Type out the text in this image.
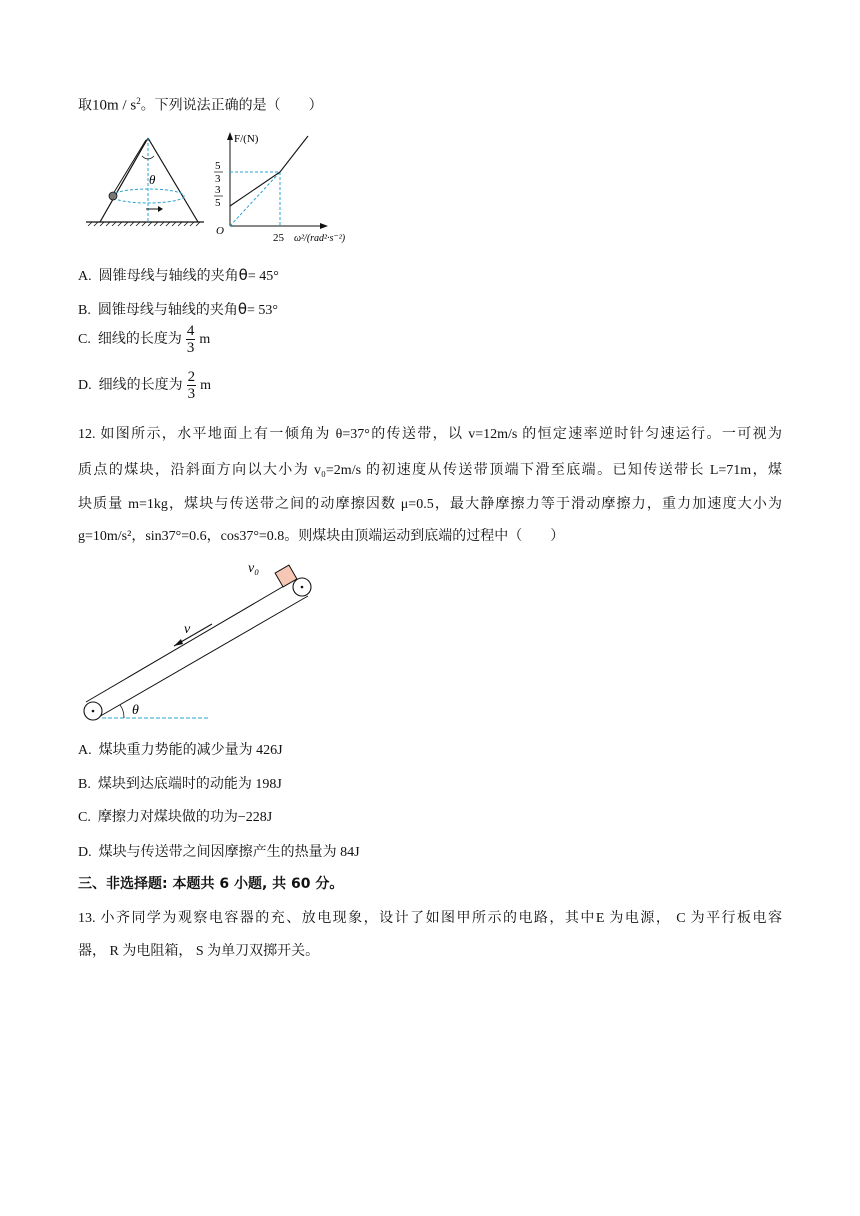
取$10m / s^2$。下列说法正确的是（　　）
θ
F/(N)
5
3
3
5
O
25 ω²/(rad²·s⁻²)
A. 圆锥母线与轴线的夹角θ= 45°
B. 圆锥母线与轴线的夹角θ= 53°
C. 细线的长度为 $\frac{4}{3}$ m
D. 细线的长度为 $\frac{2}{3}$ m
12. 如图所示，水平地面上有一倾角为 θ=37°的传送带，以 v=12m/s 的恒定速率逆时针匀速运行。一可视为
质点的煤块，沿斜面方向以大小为 v₀=2m/s 的初速度从传送带顶端下滑至底端。已知传送带长 L=71m，煤
块质量 m=1kg，煤块与传送带之间的动摩擦因数 μ=0.5，最大静摩擦力等于滑动摩擦力，重力加速度大小为
g=10m/s²，sin37°=0.6，cos37°=0.8。则煤块由顶端运动到底端的过程中（　　）
v₀
v
θ
A. 煤块重力势能的减少量为 426J
B. 煤块到达底端时的动能为 198J
C. 摩擦力对煤块做的功为−228J
D. 煤块与传送带之间因摩擦产生的热量为 84J
三、非选择题: 本题共 6 小题, 共 60 分。
13. 小齐同学为观察电容器的充、放电现象，设计了如图甲所示的电路，其中E 为电源， C 为平行板电容
器， R 为电阻箱， S 为单刀双掷开关。
